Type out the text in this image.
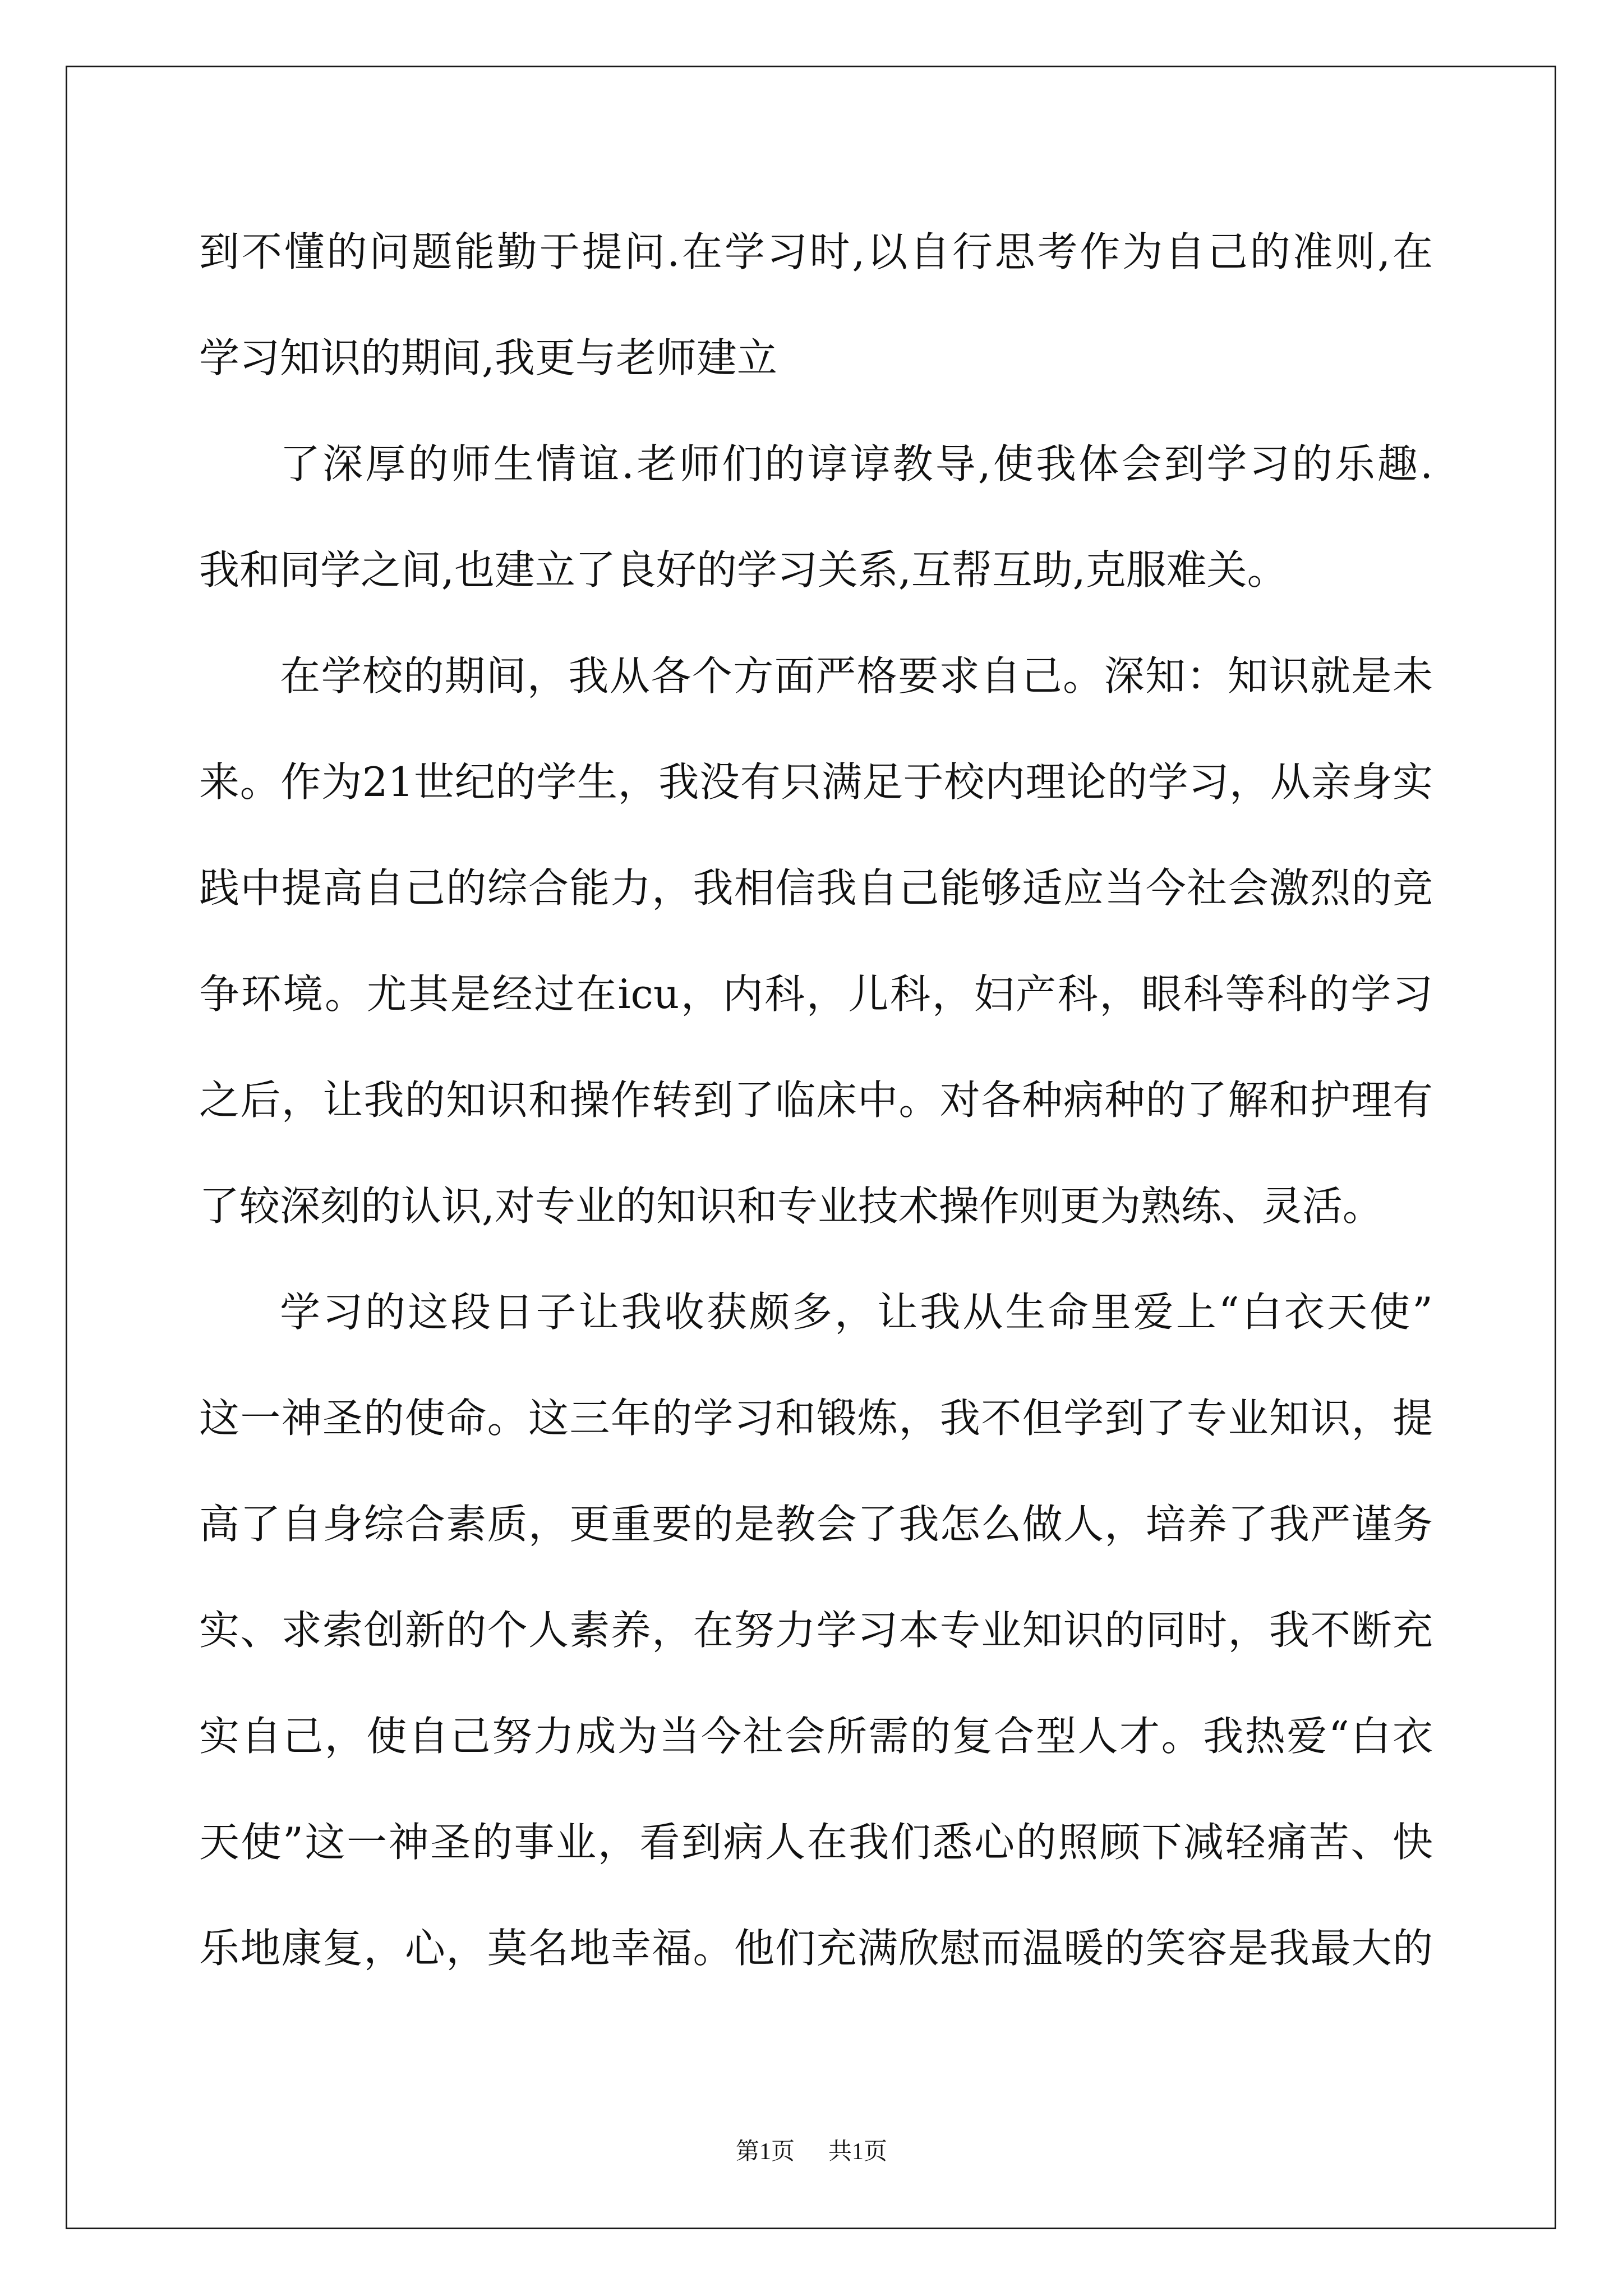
到不懂的问题能勤于提问.在学习时,以自行思考作为自己的准则,在
学习知识的期间,我更与老师建立
了深厚的师生情谊.老师们的谆谆教导,使我体会到学习的乐趣.
我和同学之间,也建立了良好的学习关系,互帮互助,克服难关。
在学校的期间，我从各个方面严格要求自己。深知：知识就是未
来。作为21世纪的学生，我没有只满足于校内理论的学习，从亲身实
践中提高自己的综合能力，我相信我自己能够适应当今社会激烈的竞
争环境。尤其是经过在icu，内科，儿科，妇产科，眼科等科的学习
之后，让我的知识和操作转到了临床中。对各种病种的了解和护理有
了较深刻的认识,对专业的知识和专业技术操作则更为熟练、灵活。
学习的这段日子让我收获颇多，让我从生命里爱上“白衣天使”
这一神圣的使命。这三年的学习和锻炼，我不但学到了专业知识，提
高了自身综合素质，更重要的是教会了我怎么做人，培养了我严谨务
实、求索创新的个人素养，在努力学习本专业知识的同时，我不断充
实自己，使自己努力成为当今社会所需的复合型人才。我热爱“白衣
天使”这一神圣的事业，看到病人在我们悉心的照顾下减轻痛苦、快
乐地康复，心，莫名地幸福。他们充满欣慰而温暖的笑容是我最大的
第1页 共1页
